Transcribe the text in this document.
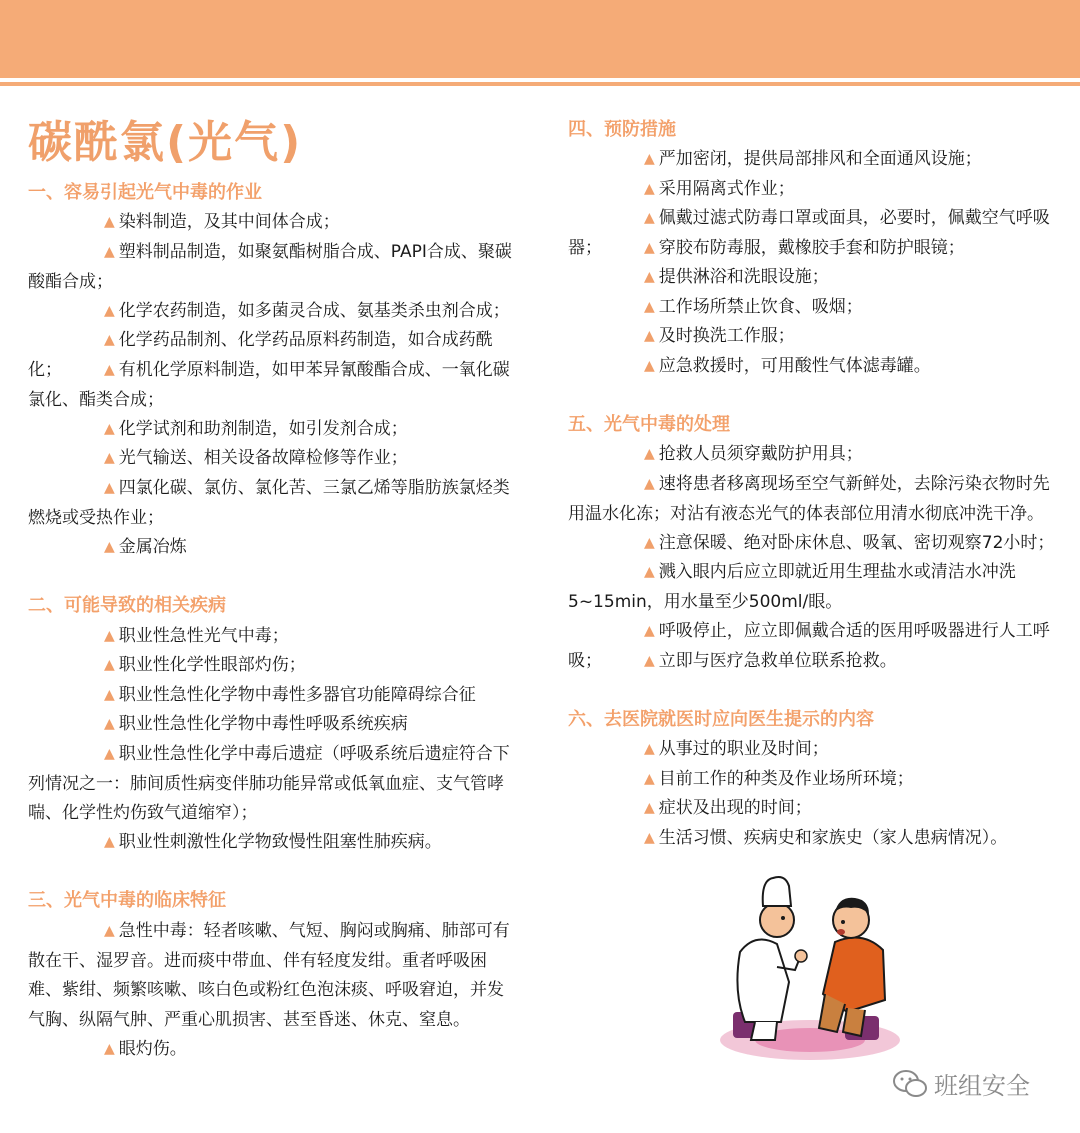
碳酰氯(光气)
一、容易引起光气中毒的作业
▲ 染料制造，及其中间体合成；
▲ 塑料制品制造，如聚氨酯树脂合成、PAPI合成、聚碳酸酯合成；
▲ 化学农药制造，如多菌灵合成、氨基类杀虫剂合成；
▲ 化学药品制剂、化学药品原料药制造，如合成药酰化；	▲ 有机化学原料制造，如甲苯异氰酸酯合成、一氧化碳氯化、酯类合成；
▲ 化学试剂和助剂制造，如引发剂合成；
▲ 光气输送、相关设备故障检修等作业；
▲ 四氯化碳、氯仿、氯化苦、三氯乙烯等脂肪族氯烃类燃烧或受热作业；
▲ 金属冶炼
二、可能导致的相关疾病
▲ 职业性急性光气中毒；
▲ 职业性化学性眼部灼伤；
▲ 职业性急性化学物中毒性多器官功能障碍综合征
▲ 职业性急性化学物中毒性呼吸系统疾病
▲ 职业性急性化学中毒后遗症（呼吸系统后遗症符合下列情况之一：肺间质性病变伴肺功能异常或低氧血症、支气管哮喘、化学性灼伤致气道缩窄）；
▲ 职业性刺激性化学物致慢性阻塞性肺疾病。
三、光气中毒的临床特征
▲ 急性中毒：轻者咳嗽、气短、胸闷或胸痛、肺部可有散在干、湿罗音。进而痰中带血、伴有轻度发绀。重者呼吸困难、紫绀、频繁咳嗽、咳白色或粉红色泡沫痰、呼吸窘迫，并发气胸、纵隔气肿、严重心肌损害、甚至昏迷、休克、窒息。
▲ 眼灼伤。
四、预防措施
▲ 严加密闭，提供局部排风和全面通风设施；
▲ 采用隔离式作业；
▲ 佩戴过滤式防毒口罩或面具，必要时，佩戴空气呼吸器；	▲ 穿胶布防毒服，戴橡胶手套和防护眼镜；
▲ 提供淋浴和洗眼设施；
▲ 工作场所禁止饮食、吸烟；
▲ 及时换洗工作服；
▲ 应急救援时，可用酸性气体滤毒罐。
五、光气中毒的处理
▲ 抢救人员须穿戴防护用具；
▲ 速将患者移离现场至空气新鲜处，去除污染衣物时先用温水化冻；对沾有液态光气的体表部位用清水彻底冲洗干净。
▲ 注意保暖、绝对卧床休息、吸氧、密切观察72小时；
▲ 溅入眼内后应立即就近用生理盐水或清洁水冲洗5~15min，用水量至少500ml/眼。
▲ 呼吸停止，应立即佩戴合适的医用呼吸器进行人工呼吸；	▲ 立即与医疗急救单位联系抢救。
六、去医院就医时应向医生提示的内容
▲ 从事过的职业及时间；
▲ 目前工作的种类及作业场所环境；
▲ 症状及出现的时间；
▲ 生活习惯、疾病史和家族史（家人患病情况）。
班组安全
